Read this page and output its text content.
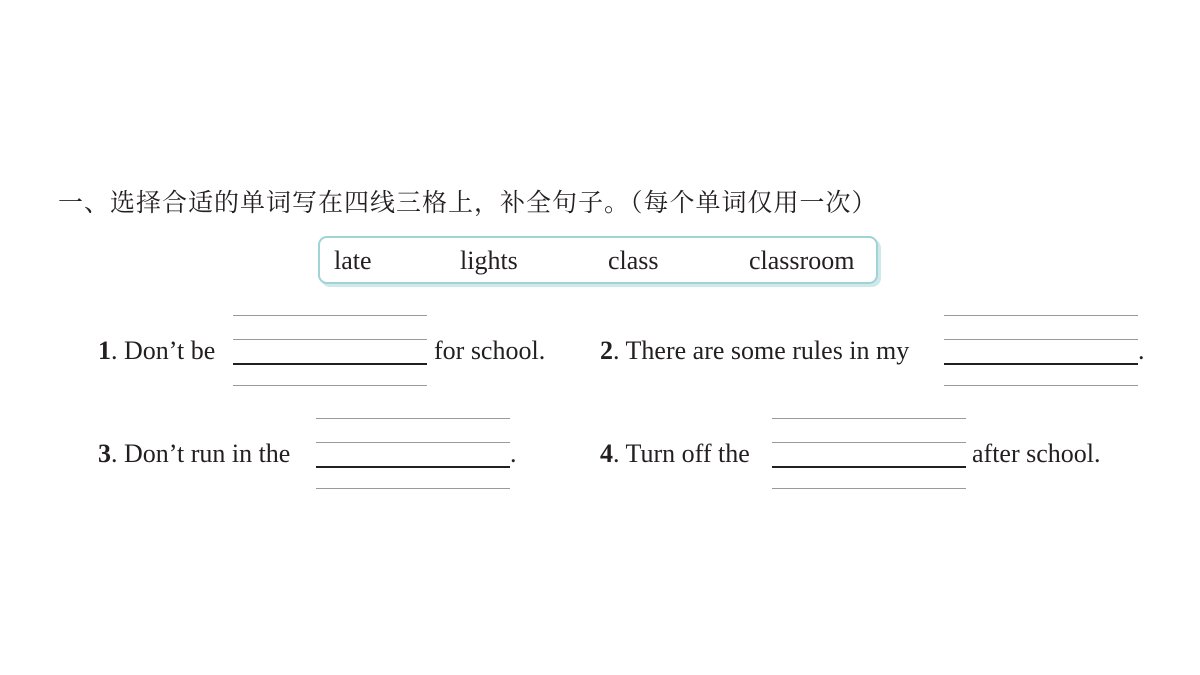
一、选择合适的单词写在四线三格上，补全句子。（每个单词仅用一次）
late	lights	class	classroom
1. Don’t be	for school. 2. There are some rules in my	.
3. Don’t run in the	.	4. Turn off the	after school.
